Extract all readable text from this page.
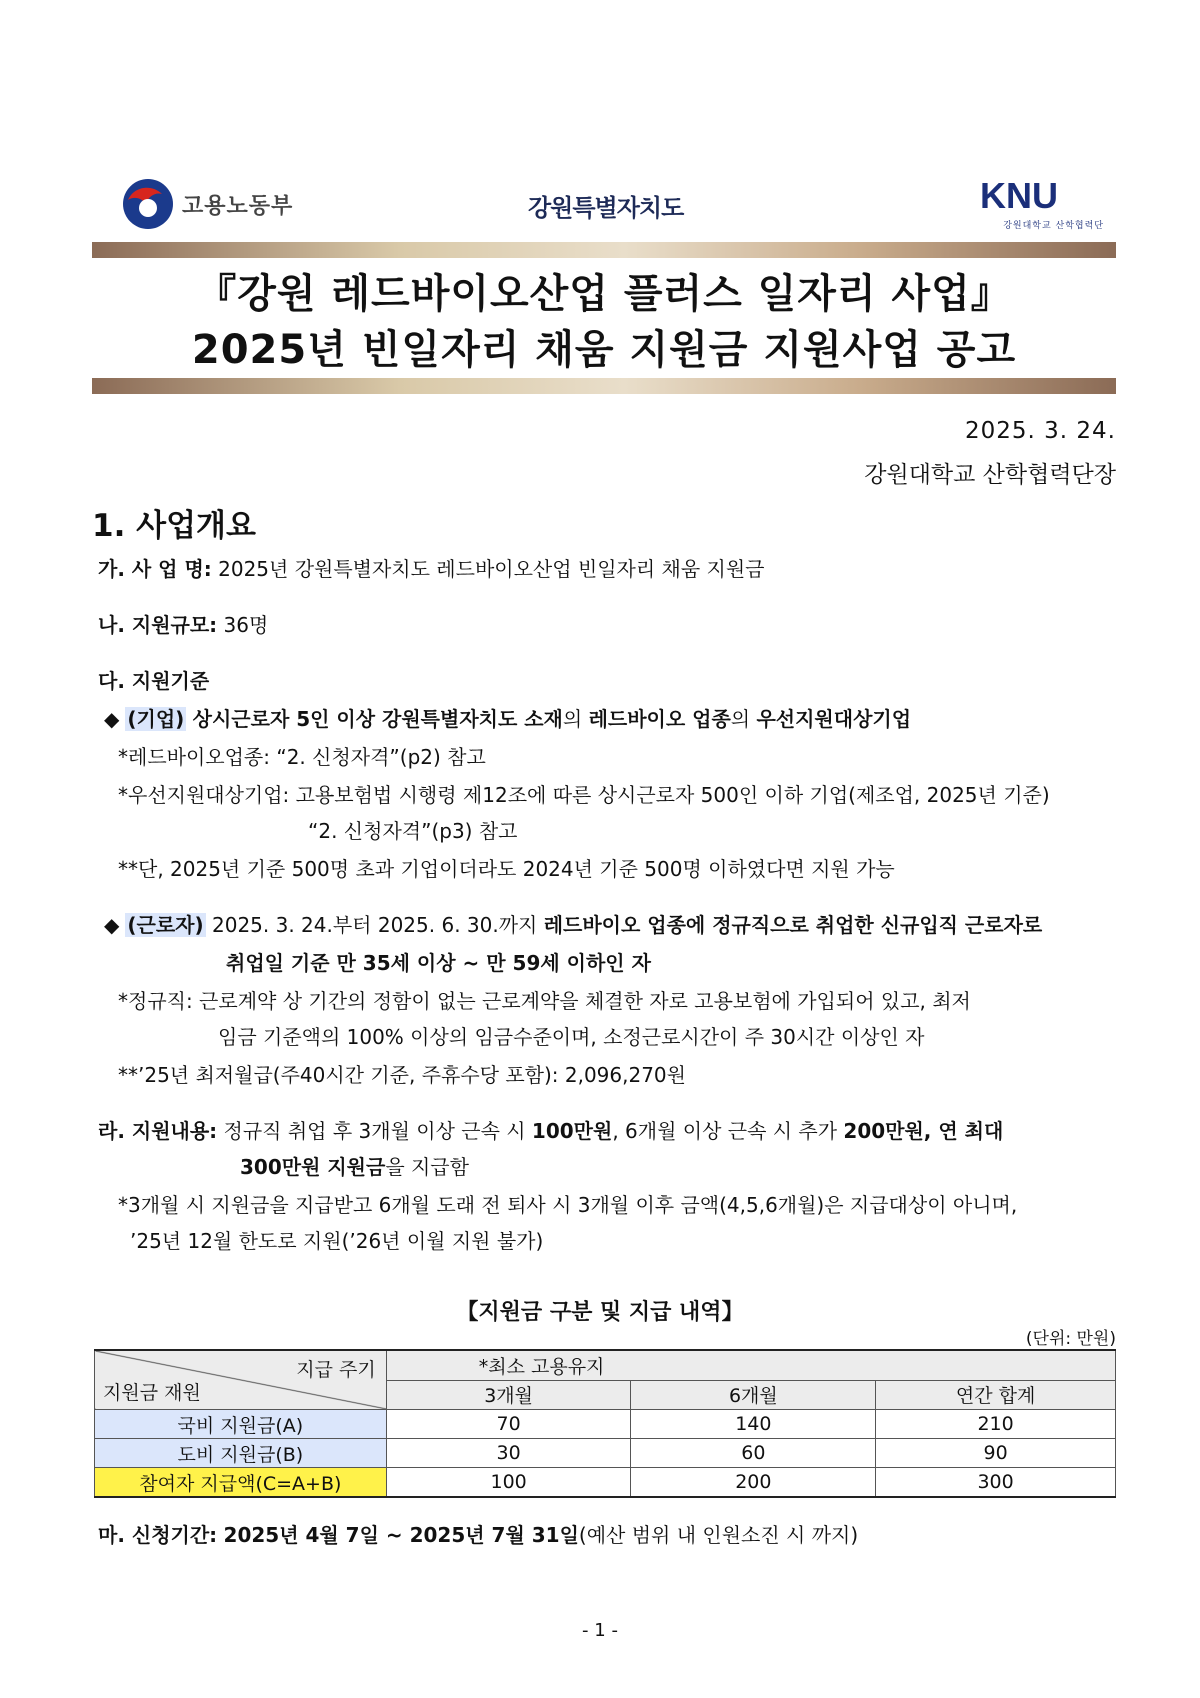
고용노동부	강원특별자치도	KNU
강원대학교 산학협력단
『강원 레드바이오산업 플러스 일자리 사업』
2025년 빈일자리 채움 지원금 지원사업 공고
2025. 3. 24.
강원대학교 산학협력단장
1. 사업개요
가. 사 업 명: 2025년 강원특별자치도 레드바이오산업 빈일자리 채움 지원금
나. 지원규모: 36명
다. 지원기준
◆ (기업) 상시근로자 5인 이상 강원특별자치도 소재의 레드바이오 업종의 우선지원대상기업
*레드바이오업종: “2. 신청자격”(p2) 참고
*우선지원대상기업: 고용보험법 시행령 제12조에 따른 상시근로자 500인 이하 기업(제조업, 2025년 기준)
“2. 신청자격”(p3) 참고
**단, 2025년 기준 500명 초과 기업이더라도 2024년 기준 500명 이하였다면 지원 가능
◆ (근로자) 2025. 3. 24.부터 2025. 6. 30.까지 레드바이오 업종에 정규직으로 취업한 신규입직 근로자로
취업일 기준 만 35세 이상 ~ 만 59세 이하인 자
*정규직: 근로계약 상 기간의 정함이 없는 근로계약을 체결한 자로 고용보험에 가입되어 있고, 최저
임금 기준액의 100% 이상의 임금수준이며, 소정근로시간이 주 30시간 이상인 자
**’25년 최저월급(주40시간 기준, 주휴수당 포함): 2,096,270원
라. 지원내용: 정규직 취업 후 3개월 이상 근속 시 100만원, 6개월 이상 근속 시 추가 200만원, 연 최대
300만원 지원금을 지급함
*3개월 시 지원금을 지급받고 6개월 도래 전 퇴사 시 3개월 이후 금액(4,5,6개월)은 지급대상이 아니며,
’25년 12월 한도로 지원(’26년 이월 지원 불가)
【지원금 구분 및 지급 내역】
(단위: 만원)
지급 주기
지원금 재원	*최소 고용유지		
	3개월	6개월	연간 합계
국비 지원금(A)	70	140	210
도비 지원금(B)	30	60	90
참여자 지급액(C=A+B)	100	200	300
마. 신청기간: 2025년 4월 7일 ~ 2025년 7월 31일(예산 범위 내 인원소진 시 까지)
- 1 -
